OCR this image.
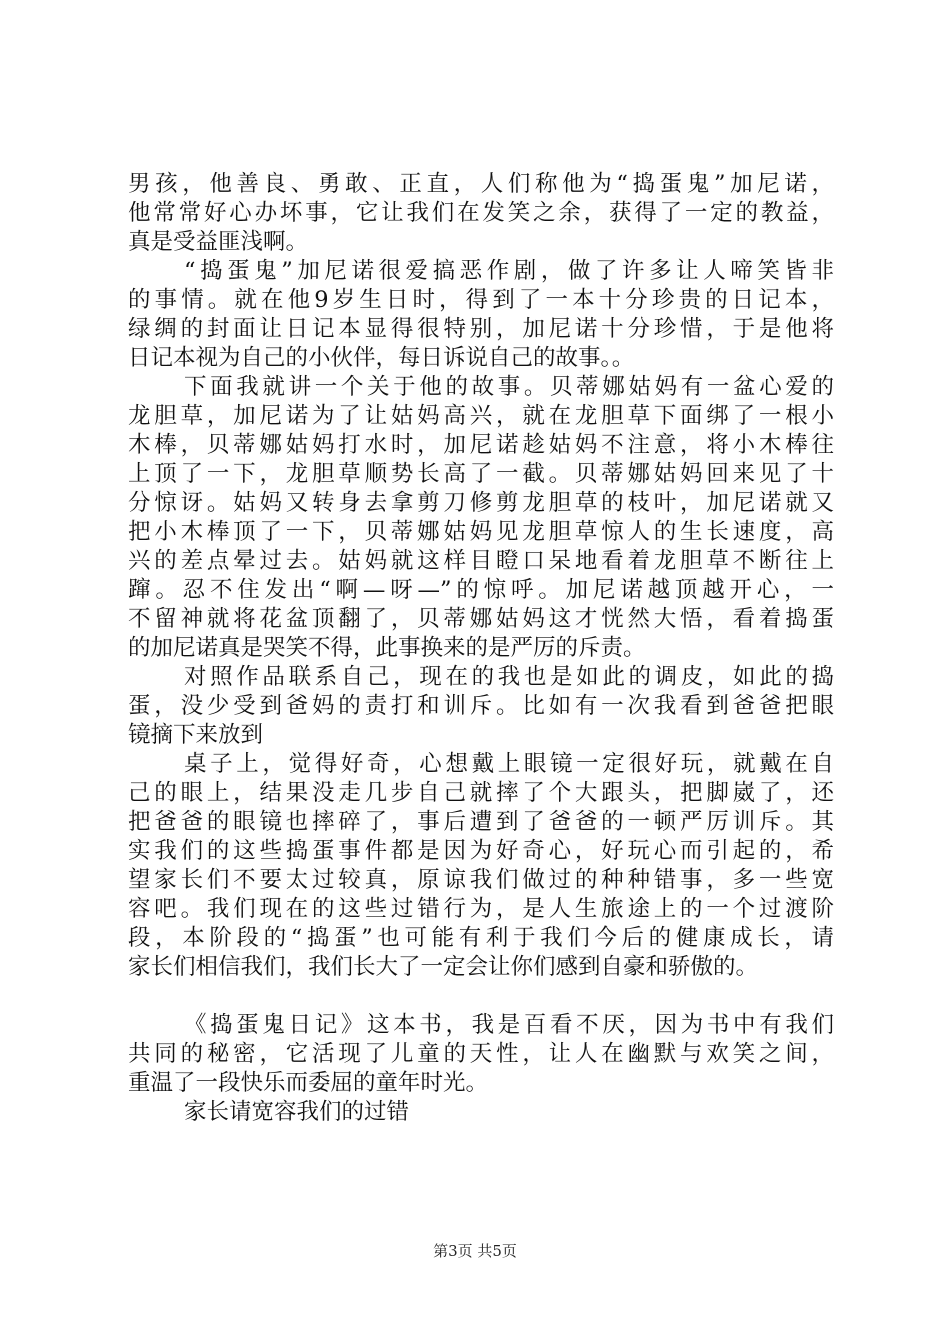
男孩，他善良、勇敢、正直，人们称他为“捣蛋鬼”加尼诺，
他常常好心办坏事，它让我们在发笑之余，获得了一定的教益，
真是受益匪浅啊。
“捣蛋鬼”加尼诺很爱搞恶作剧，做了许多让人啼笑皆非
的事情。就在他9岁生日时，得到了一本十分珍贵的日记本，
绿绸的封面让日记本显得很特别，加尼诺十分珍惜，于是他将
日记本视为自己的小伙伴，每日诉说自己的故事。。
下面我就讲一个关于他的故事。贝蒂娜姑妈有一盆心爱的
龙胆草，加尼诺为了让姑妈高兴，就在龙胆草下面绑了一根小
木棒，贝蒂娜姑妈打水时，加尼诺趁姑妈不注意，将小木棒往
上顶了一下，龙胆草顺势长高了一截。贝蒂娜姑妈回来见了十
分惊讶。姑妈又转身去拿剪刀修剪龙胆草的枝叶，加尼诺就又
把小木棒顶了一下，贝蒂娜姑妈见龙胆草惊人的生长速度，高
兴的差点晕过去。姑妈就这样目瞪口呆地看着龙胆草不断往上
蹿。忍不住发出“啊—呀—”的惊呼。加尼诺越顶越开心，一
不留神就将花盆顶翻了，贝蒂娜姑妈这才恍然大悟，看着捣蛋
的加尼诺真是哭笑不得，此事换来的是严厉的斥责。
对照作品联系自己，现在的我也是如此的调皮，如此的捣
蛋，没少受到爸妈的责打和训斥。比如有一次我看到爸爸把眼
镜摘下来放到
桌子上，觉得好奇，心想戴上眼镜一定很好玩，就戴在自
己的眼上，结果没走几步自己就摔了个大跟头，把脚崴了，还
把爸爸的眼镜也摔碎了，事后遭到了爸爸的一顿严厉训斥。其
实我们的这些捣蛋事件都是因为好奇心，好玩心而引起的，希
望家长们不要太过较真，原谅我们做过的种种错事，多一些宽
容吧。我们现在的这些过错行为，是人生旅途上的一个过渡阶
段，本阶段的“捣蛋”也可能有利于我们今后的健康成长，请
家长们相信我们，我们长大了一定会让你们感到自豪和骄傲的。
《捣蛋鬼日记》这本书，我是百看不厌，因为书中有我们
共同的秘密，它活现了儿童的天性，让人在幽默与欢笑之间，
重温了一段快乐而委屈的童年时光。
家长请宽容我们的过错
第3页 共5页
